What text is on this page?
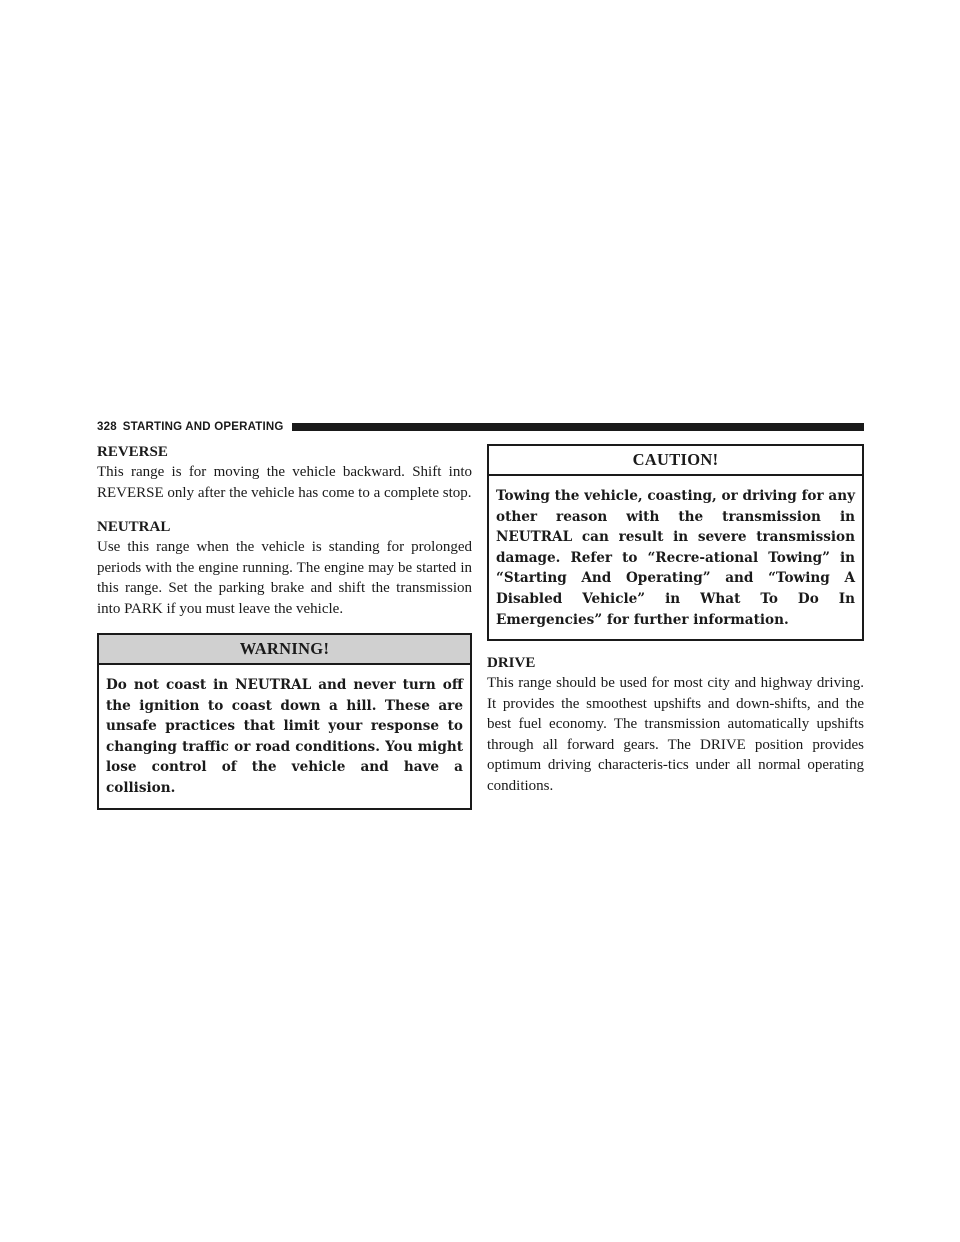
328 STARTING AND OPERATING
REVERSE

This range is for moving the vehicle backward. Shift into REVERSE only after the vehicle has come to a complete stop.

NEUTRAL

Use this range when the vehicle is standing for prolonged periods with the engine running. The engine may be started in this range. Set the parking brake and shift the transmission into PARK if you must leave the vehicle.

WARNING!
Do not coast in NEUTRAL and never turn off the ignition to coast down a hill. These are unsafe practices that limit your response to changing traffic or road conditions. You might lose control of the vehicle and have a collision.
CAUTION!
Towing the vehicle, coasting, or driving for any other reason with the transmission in NEUTRAL can result in severe transmission damage. Refer to “Recre-ational Towing” in “Starting And Operating” and “Towing A Disabled Vehicle” in What To Do In Emergencies” for further information.
DRIVE

This range should be used for most city and highway driving. It provides the smoothest upshifts and down-shifts, and the best fuel economy. The transmission automatically upshifts through all forward gears. The DRIVE position provides optimum driving characteris-tics under all normal operating conditions.
